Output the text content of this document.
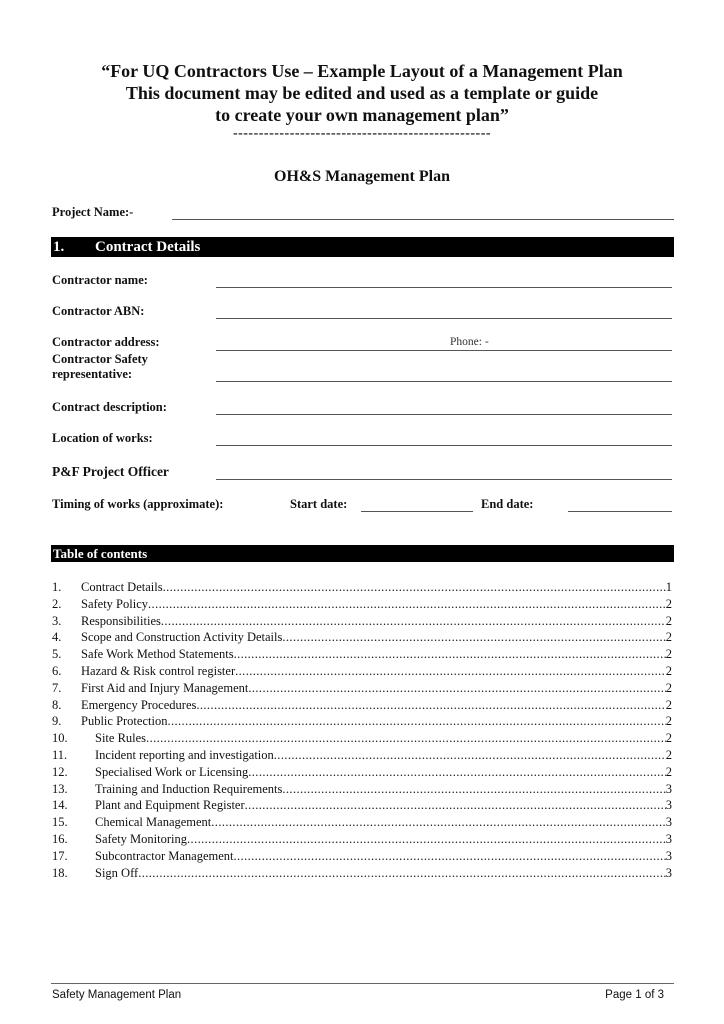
“For UQ Contractors Use – Example Layout of a Management Plan
This document may be edited and used as a template or guide
to create your own management plan”
--------------------------------------------------
OH&S Management Plan
Project Name:-
1. Contract Details
Contractor name:
Contractor ABN:
Contractor address:	Phone: -
Contractor Safety
representative:
Contract description:
Location of works:
P&F Project Officer
Timing of works (approximate):	Start date:	End date:
Table of contents
1.	Contract Details .....	1
2.	Safety Policy .....	2
3.	Responsibilities .....	2
4.	Scope and Construction Activity Details .....	2
5.	Safe Work Method Statements .....	2
6.	Hazard & Risk control register .....	2
7.	First Aid and Injury Management .....	2
8.	Emergency Procedures .....	2
9.	Public Protection .....	2
10.	Site Rules .....	2
11.	Incident reporting and investigation .....	2
12.	Specialised Work or Licensing .....	2
13.	Training and Induction Requirements .....	3
14.	Plant and Equipment Register .....	3
15.	Chemical Management .....	3
16.	Safety Monitoring .....	3
17.	Subcontractor Management .....	3
18.	Sign Off .....	3
Safety Management Plan	Page 1 of 3
